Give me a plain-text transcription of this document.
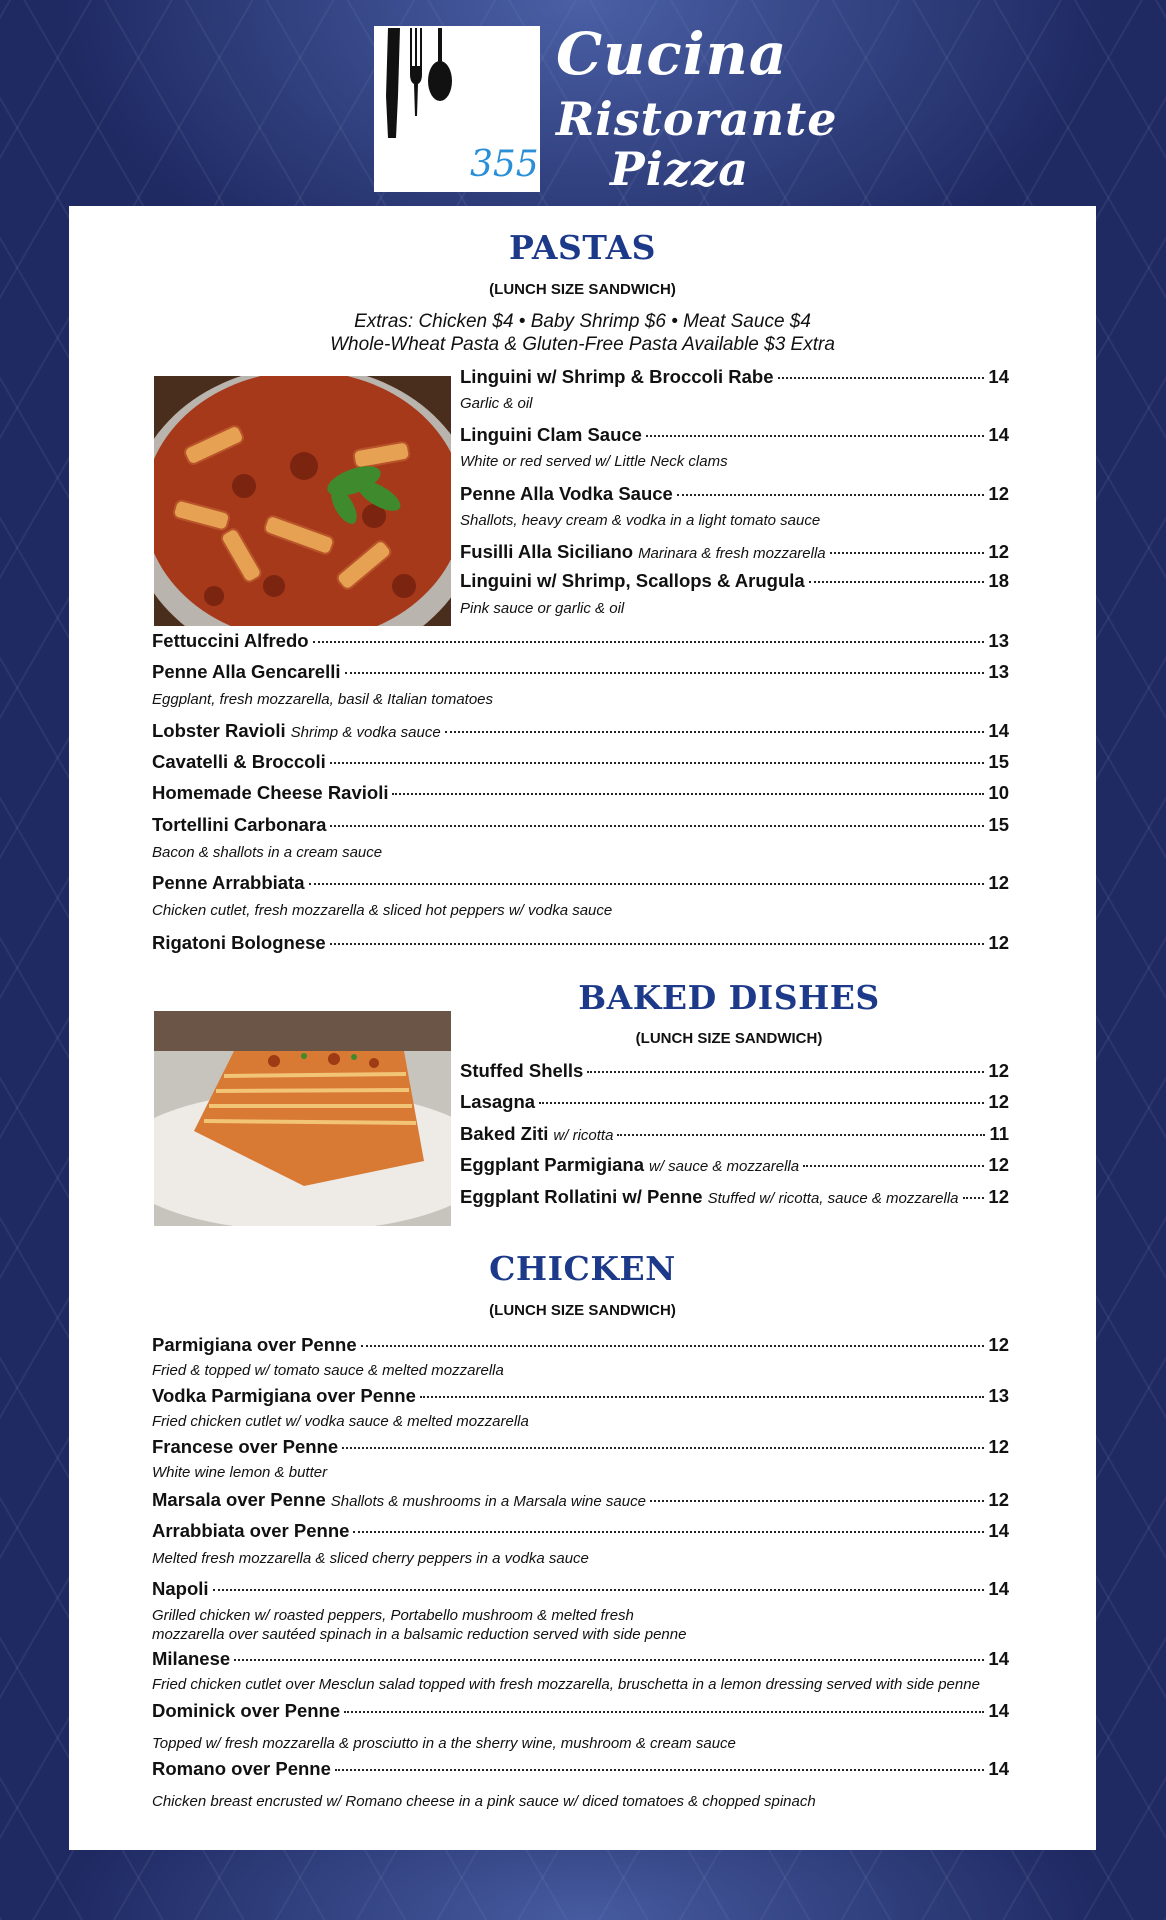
355
Cucina
Ristorante
Pizza
PASTAS
(LUNCH SIZE SANDWICH)
Extras: Chicken $4 • Baby Shrimp $6 • Meat Sauce $4
Whole-Wheat Pasta & Gluten-Free Pasta Available $3 Extra
Linguini w/ Shrimp & Broccoli Rabe	14
Garlic & oil
Linguini Clam Sauce	14
White or red served w/ Little Neck clams
Penne Alla Vodka Sauce	12
Shallots, heavy cream & vodka in a light tomato sauce
Fusilli Alla Siciliano Marinara & fresh mozzarella	12
Linguini w/ Shrimp, Scallops & Arugula	18
Pink sauce or garlic & oil
Fettuccini Alfredo	13
Penne Alla Gencarelli	13
Eggplant, fresh mozzarella, basil & Italian tomatoes
Lobster Ravioli Shrimp & vodka sauce	14
Cavatelli & Broccoli	15
Homemade Cheese Ravioli	10
Tortellini Carbonara	15
Bacon & shallots in a cream sauce
Penne Arrabbiata	12
Chicken cutlet, fresh mozzarella & sliced hot peppers w/ vodka sauce
Rigatoni Bolognese	12
BAKED DISHES
(LUNCH SIZE SANDWICH)
Stuffed Shells	12
Lasagna	12
Baked Ziti w/ ricotta	11
Eggplant Parmigiana w/ sauce & mozzarella	12
Eggplant Rollatini w/ Penne Stuffed w/ ricotta, sauce & mozzarella 12
CHICKEN
(LUNCH SIZE SANDWICH)
Parmigiana over Penne	12
Fried & topped w/ tomato sauce & melted mozzarella
Vodka Parmigiana over Penne	13
Fried chicken cutlet w/ vodka sauce & melted mozzarella
Francese over Penne	12
White wine lemon & butter
Marsala over Penne Shallots & mushrooms in a Marsala wine sauce	12
Arrabbiata over Penne	14
Melted fresh mozzarella & sliced cherry peppers in a vodka sauce
Napoli	14
Grilled chicken w/ roasted peppers, Portabello mushroom & melted fresh
mozzarella over sautéed spinach in a balsamic reduction served with side penne
Milanese	14
Fried chicken cutlet over Mesclun salad topped with fresh mozzarella, bruschetta in a lemon dressing served with side penne
Dominick over Penne	14
Topped w/ fresh mozzarella & prosciutto in a the sherry wine, mushroom & cream sauce
Romano over Penne	14
Chicken breast encrusted w/ Romano cheese in a pink sauce w/ diced tomatoes & chopped spinach
